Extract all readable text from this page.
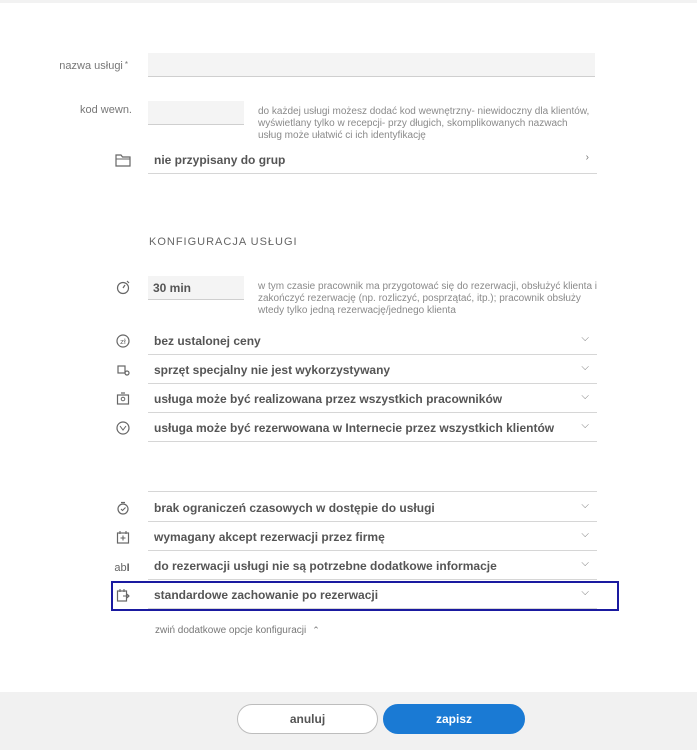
nazwa usługi *
kod wewn.	do każdej usługi możesz dodać kod wewnętrzny- niewidoczny dla klientów, wyświetlany tylko w recepcji- przy długich, skomplikowanych nazwach usług może ułatwić ci ich identyfikację
nie przypisany do grup	›
KONFIGURACJA USŁUGI
30 min	w tym czasie pracownik ma przygotować się do rezerwacji, obsłużyć klienta i zakończyć rezerwację (np. rozliczyć, posprzątać, itp.); pracownik obsłuży wtedy tylko jedną rezerwację/jednego klienta
zł bez ustalonej ceny	⌵
sprzęt specjalny nie jest wykorzystywany	⌵
usługa może być realizowana przez wszystkich pracowników	⌵
usługa może być rezerwowana w Internecie przez wszystkich klientów	⌵
brak ograniczeń czasowych w dostępie do usługi	⌵
wymagany akcept rezerwacji przez firmę	⌵
abI	do rezerwacji usługi nie są potrzebne dodatkowe informacje	⌵
standardowe zachowanie po rezerwacji	⌵
zwiń dodatkowe opcje konfiguracji ⌃
anuluj	zapisz
